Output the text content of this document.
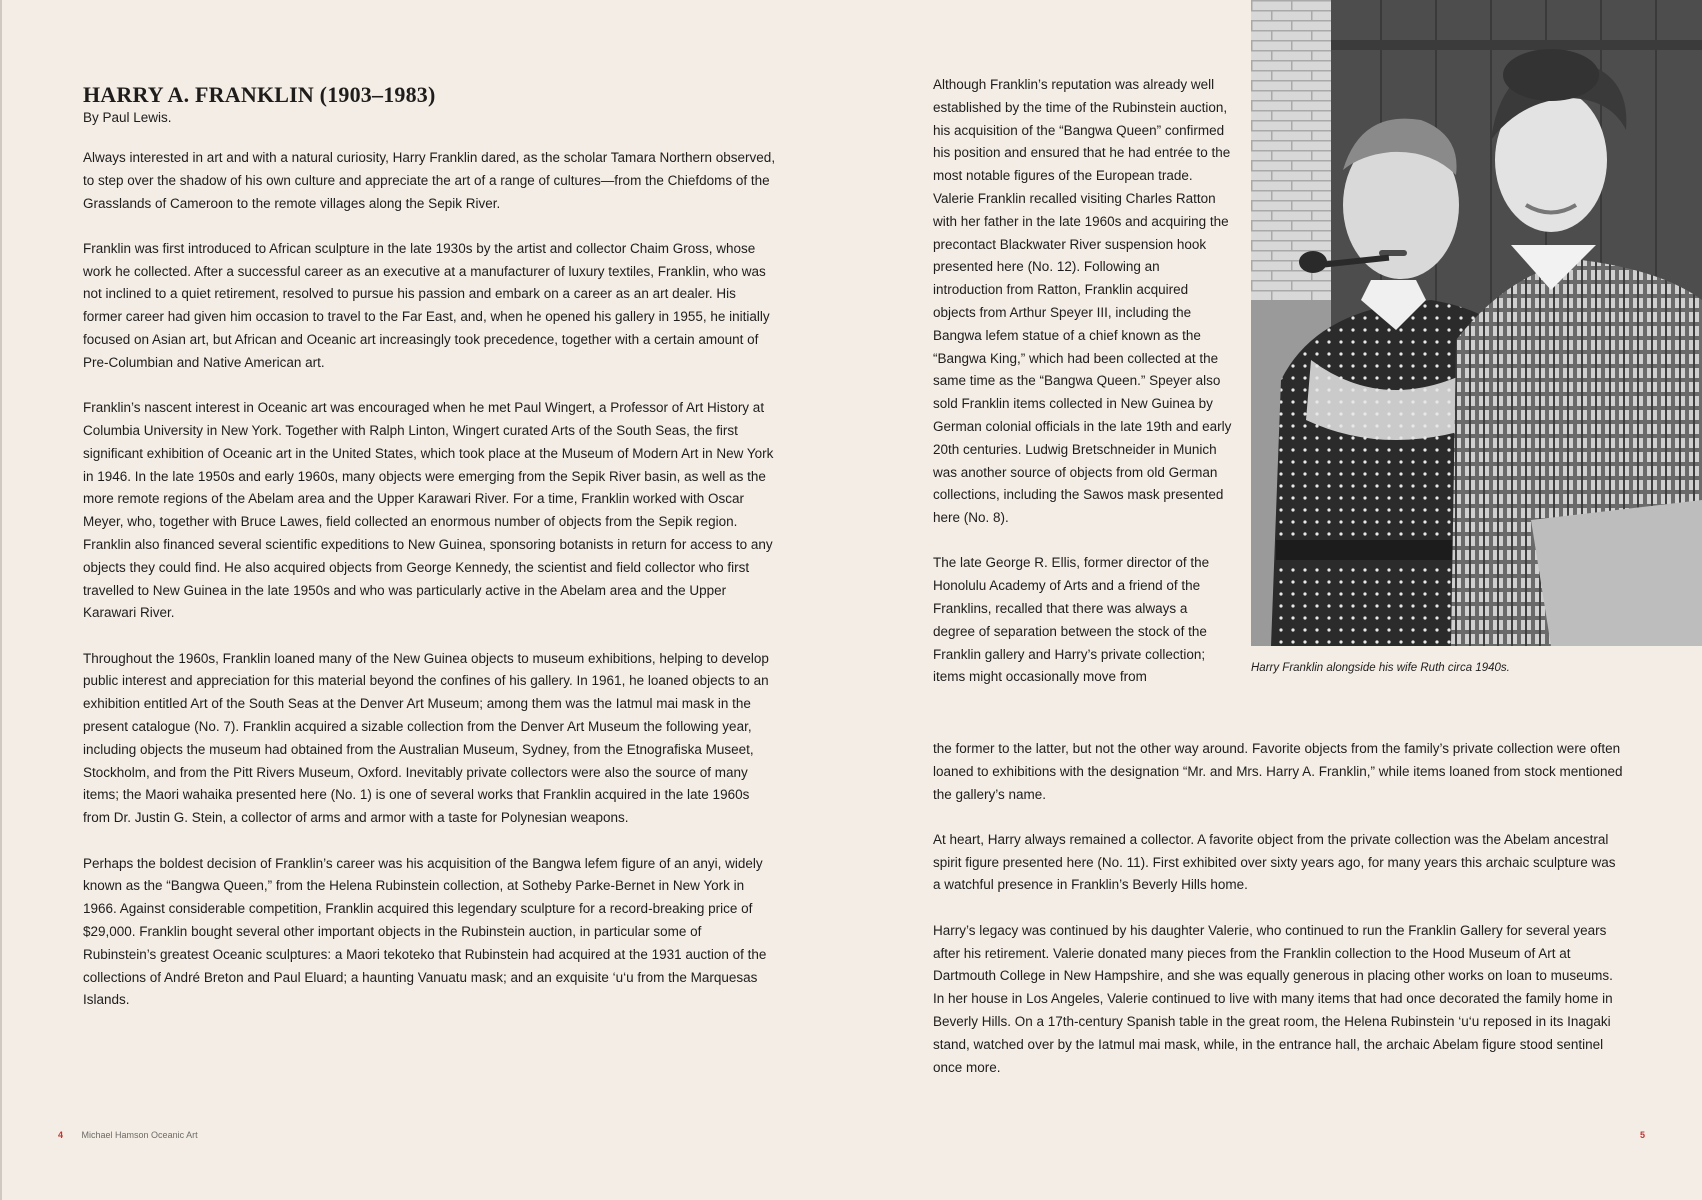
HARRY A. FRANKLIN (1903–1983)
By Paul Lewis.

Always interested in art and with a natural curiosity, Harry Franklin dared, as the scholar Tamara Northern observed, to step over the shadow of his own culture and appreciate the art of a range of cultures—from the Chiefdoms of the Grasslands of Cameroon to the remote villages along the Sepik River.

Franklin was first introduced to African sculpture in the late 1930s by the artist and collector Chaim Gross, whose work he collected. After a successful career as an executive at a manufacturer of luxury textiles, Franklin, who was not inclined to a quiet retirement, resolved to pursue his passion and embark on a career as an art dealer. His former career had given him occasion to travel to the Far East, and, when he opened his gallery in 1955, he initially focused on Asian art, but African and Oceanic art increasingly took precedence, together with a certain amount of Pre-Columbian and Native American art.

Franklin’s nascent interest in Oceanic art was encouraged when he met Paul Wingert, a Professor of Art History at Columbia University in New York. Together with Ralph Linton, Wingert curated Arts of the South Seas, the first significant exhibition of Oceanic art in the United States, which took place at the Museum of Modern Art in New York in 1946. In the late 1950s and early 1960s, many objects were emerging from the Sepik River basin, as well as the more remote regions of the Abelam area and the Upper Karawari River. For a time, Franklin worked with Oscar Meyer, who, together with Bruce Lawes, field collected an enormous number of objects from the Sepik region. Franklin also financed several scientific expeditions to New Guinea, sponsoring botanists in return for access to any objects they could find. He also acquired objects from George Kennedy, the scientist and field collector who first travelled to New Guinea in the late 1950s and who was particularly active in the Abelam area and the Upper Karawari River.

Throughout the 1960s, Franklin loaned many of the New Guinea objects to museum exhibitions, helping to develop public interest and appreciation for this material beyond the confines of his gallery. In 1961, he loaned objects to an exhibition entitled Art of the South Seas at the Denver Art Museum; among them was the Iatmul mai mask in the present catalogue (No. 7). Franklin acquired a sizable collection from the Denver Art Museum the following year, including objects the museum had obtained from the Australian Museum, Sydney, from the Etnografiska Museet, Stockholm, and from the Pitt Rivers Museum, Oxford. Inevitably private collectors were also the source of many items; the Maori wahaika presented here (No. 1) is one of several works that Franklin acquired in the late 1960s from Dr. Justin G. Stein, a collector of arms and armor with a taste for Polynesian weapons.

Perhaps the boldest decision of Franklin’s career was his acquisition of the Bangwa lefem figure of an anyi, widely known as the “Bangwa Queen,” from the Helena Rubinstein collection, at Sotheby Parke-Bernet in New York in 1966. Against considerable competition, Franklin acquired this legendary sculpture for a record-breaking price of $29,000. Franklin bought several other important objects in the Rubinstein auction, in particular some of Rubinstein’s greatest Oceanic sculptures: a Maori tekoteko that Rubinstein had acquired at the 1931 auction of the collections of André Breton and Paul Eluard; a haunting Vanuatu mask; and an exquisite ‘u‘u from the Marquesas Islands.

Although Franklin’s reputation was already well established by the time of the Rubinstein auction, his acquisition of the “Bangwa Queen” confirmed his position and ensured that he had entrée to the most notable figures of the European trade. Valerie Franklin recalled visiting Charles Ratton with her father in the late 1960s and acquiring the precontact Blackwater River suspension hook presented here (No. 12). Following an introduction from Ratton, Franklin acquired objects from Arthur Speyer III, including the Bangwa lefem statue of a chief known as the “Bangwa King,” which had been collected at the same time as the “Bangwa Queen.” Speyer also sold Franklin items collected in New Guinea by German colonial officials in the late 19th and early 20th centuries. Ludwig Bretschneider in Munich was another source of objects from old German collections, including the Sawos mask presented here (No. 8).

The late George R. Ellis, former director of the Honolulu Academy of Arts and a friend of the Franklins, recalled that there was always a degree of separation between the stock of the Franklin gallery and Harry’s private collection; items might occasionally move from

the former to the latter, but not the other way around. Favorite objects from the family’s private collection were often loaned to exhibitions with the designation “Mr. and Mrs. Harry A. Franklin,” while items loaned from stock mentioned the gallery’s name.

At heart, Harry always remained a collector. A favorite object from the private collection was the Abelam ancestral spirit figure presented here (No. 11). First exhibited over sixty years ago, for many years this archaic sculpture was a watchful presence in Franklin’s Beverly Hills home.

Harry’s legacy was continued by his daughter Valerie, who continued to run the Franklin Gallery for several years after his retirement. Valerie donated many pieces from the Franklin collection to the Hood Museum of Art at Dartmouth College in New Hampshire, and she was equally generous in placing other works on loan to museums. In her house in Los Angeles, Valerie continued to live with many items that had once decorated the family home in Beverly Hills. On a 17th-century Spanish table in the great room, the Helena Rubinstein ‘u‘u reposed in its Inagaki stand, watched over by the Iatmul mai mask, while, in the entrance hall, the archaic Abelam figure stood sentinel once more.

Harry Franklin alongside his wife Ruth circa 1940s.
4 Michael Hamson Oceanic Art	5
